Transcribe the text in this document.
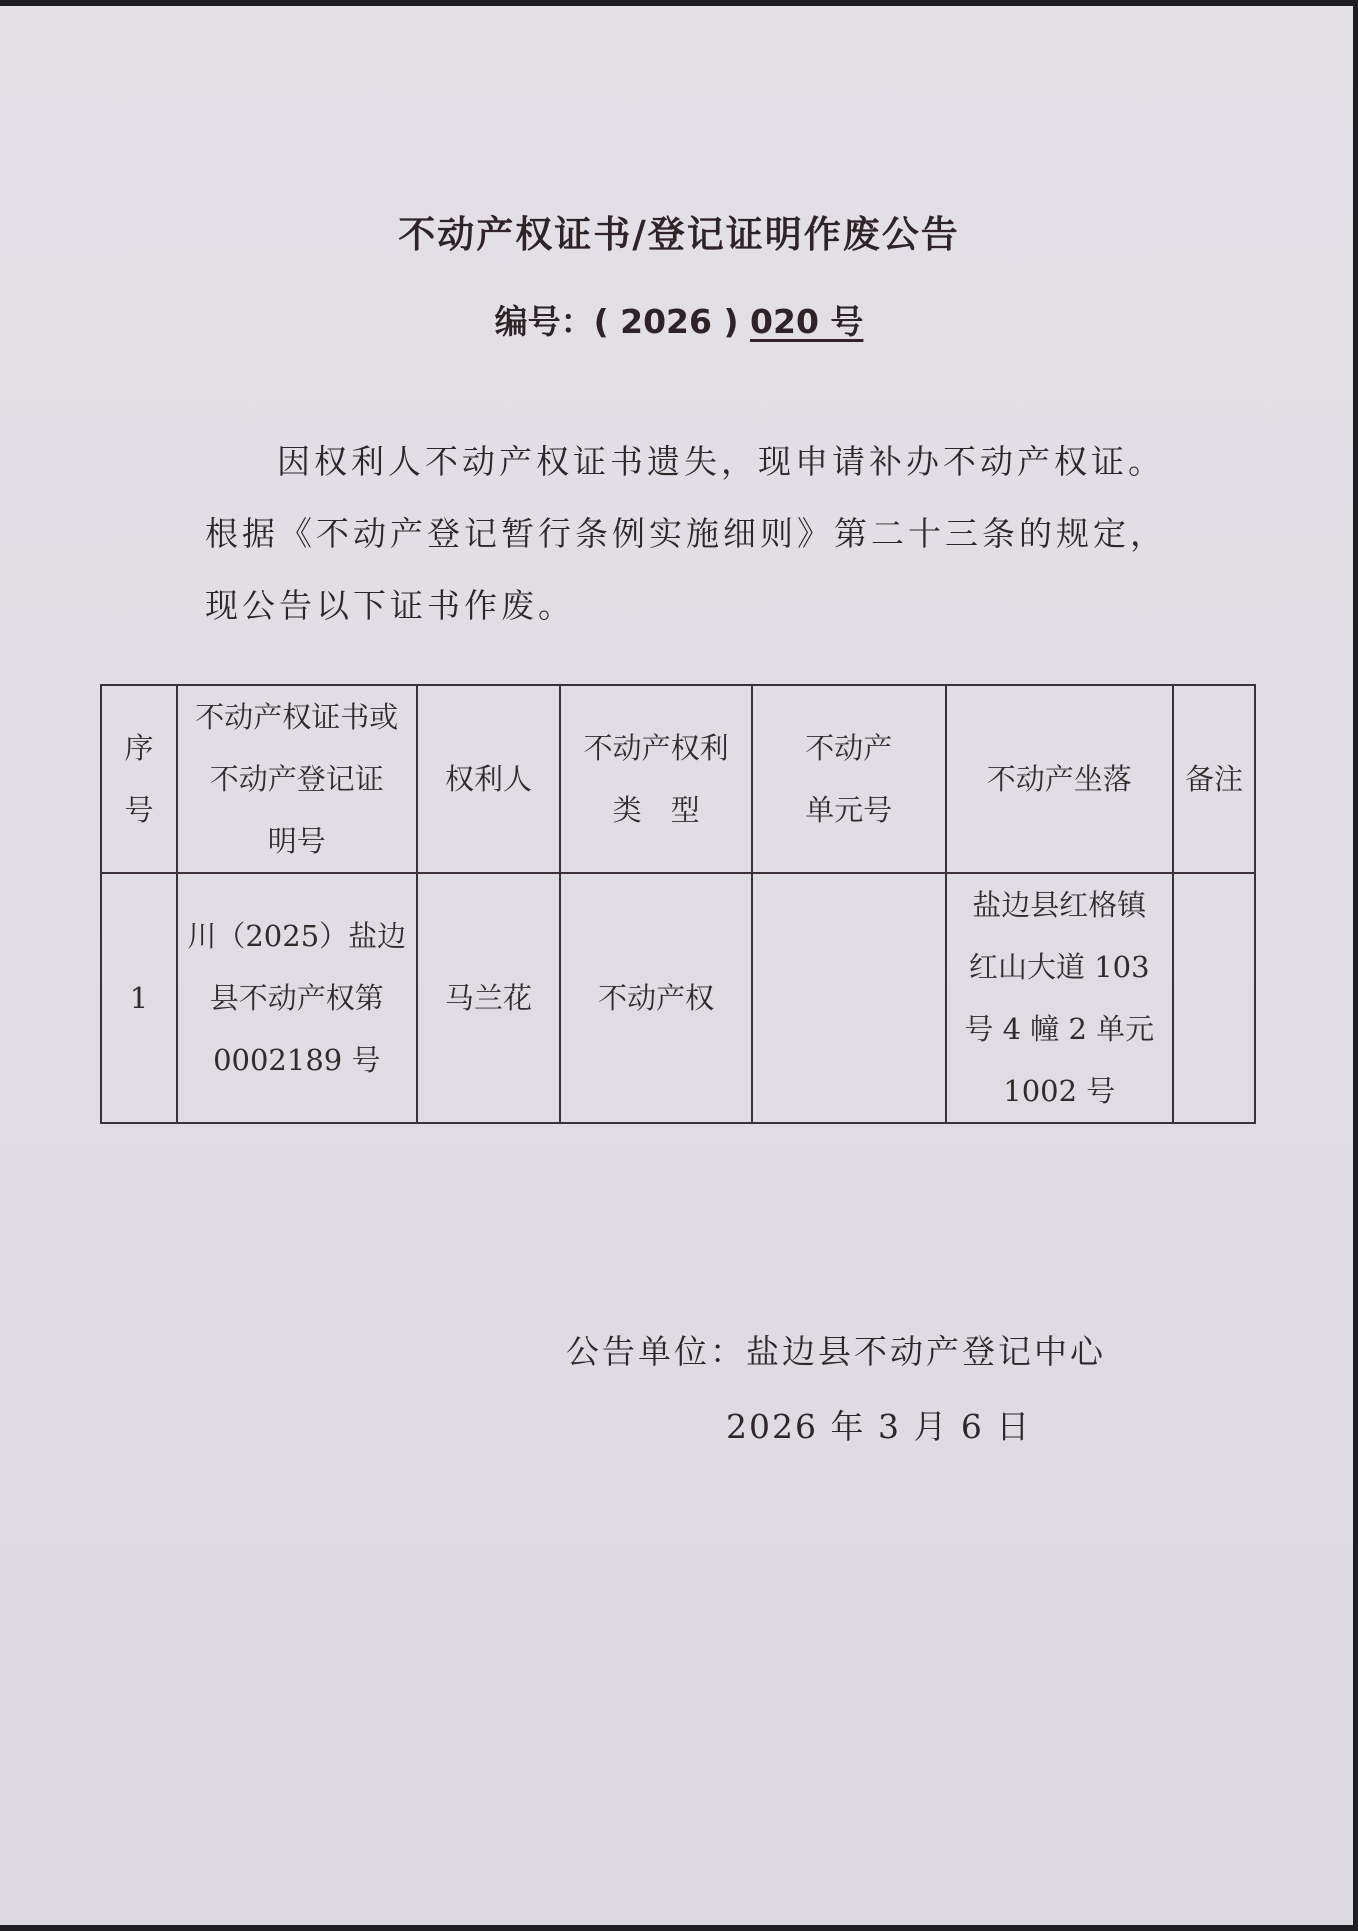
不动产权证书/登记证明作废公告
编号：( 2026 ) 020 号

因权利人不动产权证书遗失，现申请补办不动产权证。

根据《不动产登记暂行条例实施细则》第二十三条的规定，

现公告以下证书作废。

序号	不动产权证书或
不动产登记证
明号	权利人	不动产权利
类　型	不动产
单元号	不动产坐落	备注
1	川（2025）盐边
县不动产权第
0002189 号	马兰花	不动产权		盐边县红格镇
红山大道 103
号 4 幢 2 单元
1002 号	
公告单位：盐边县不动产登记中心
2026 年 3 月 6 日
